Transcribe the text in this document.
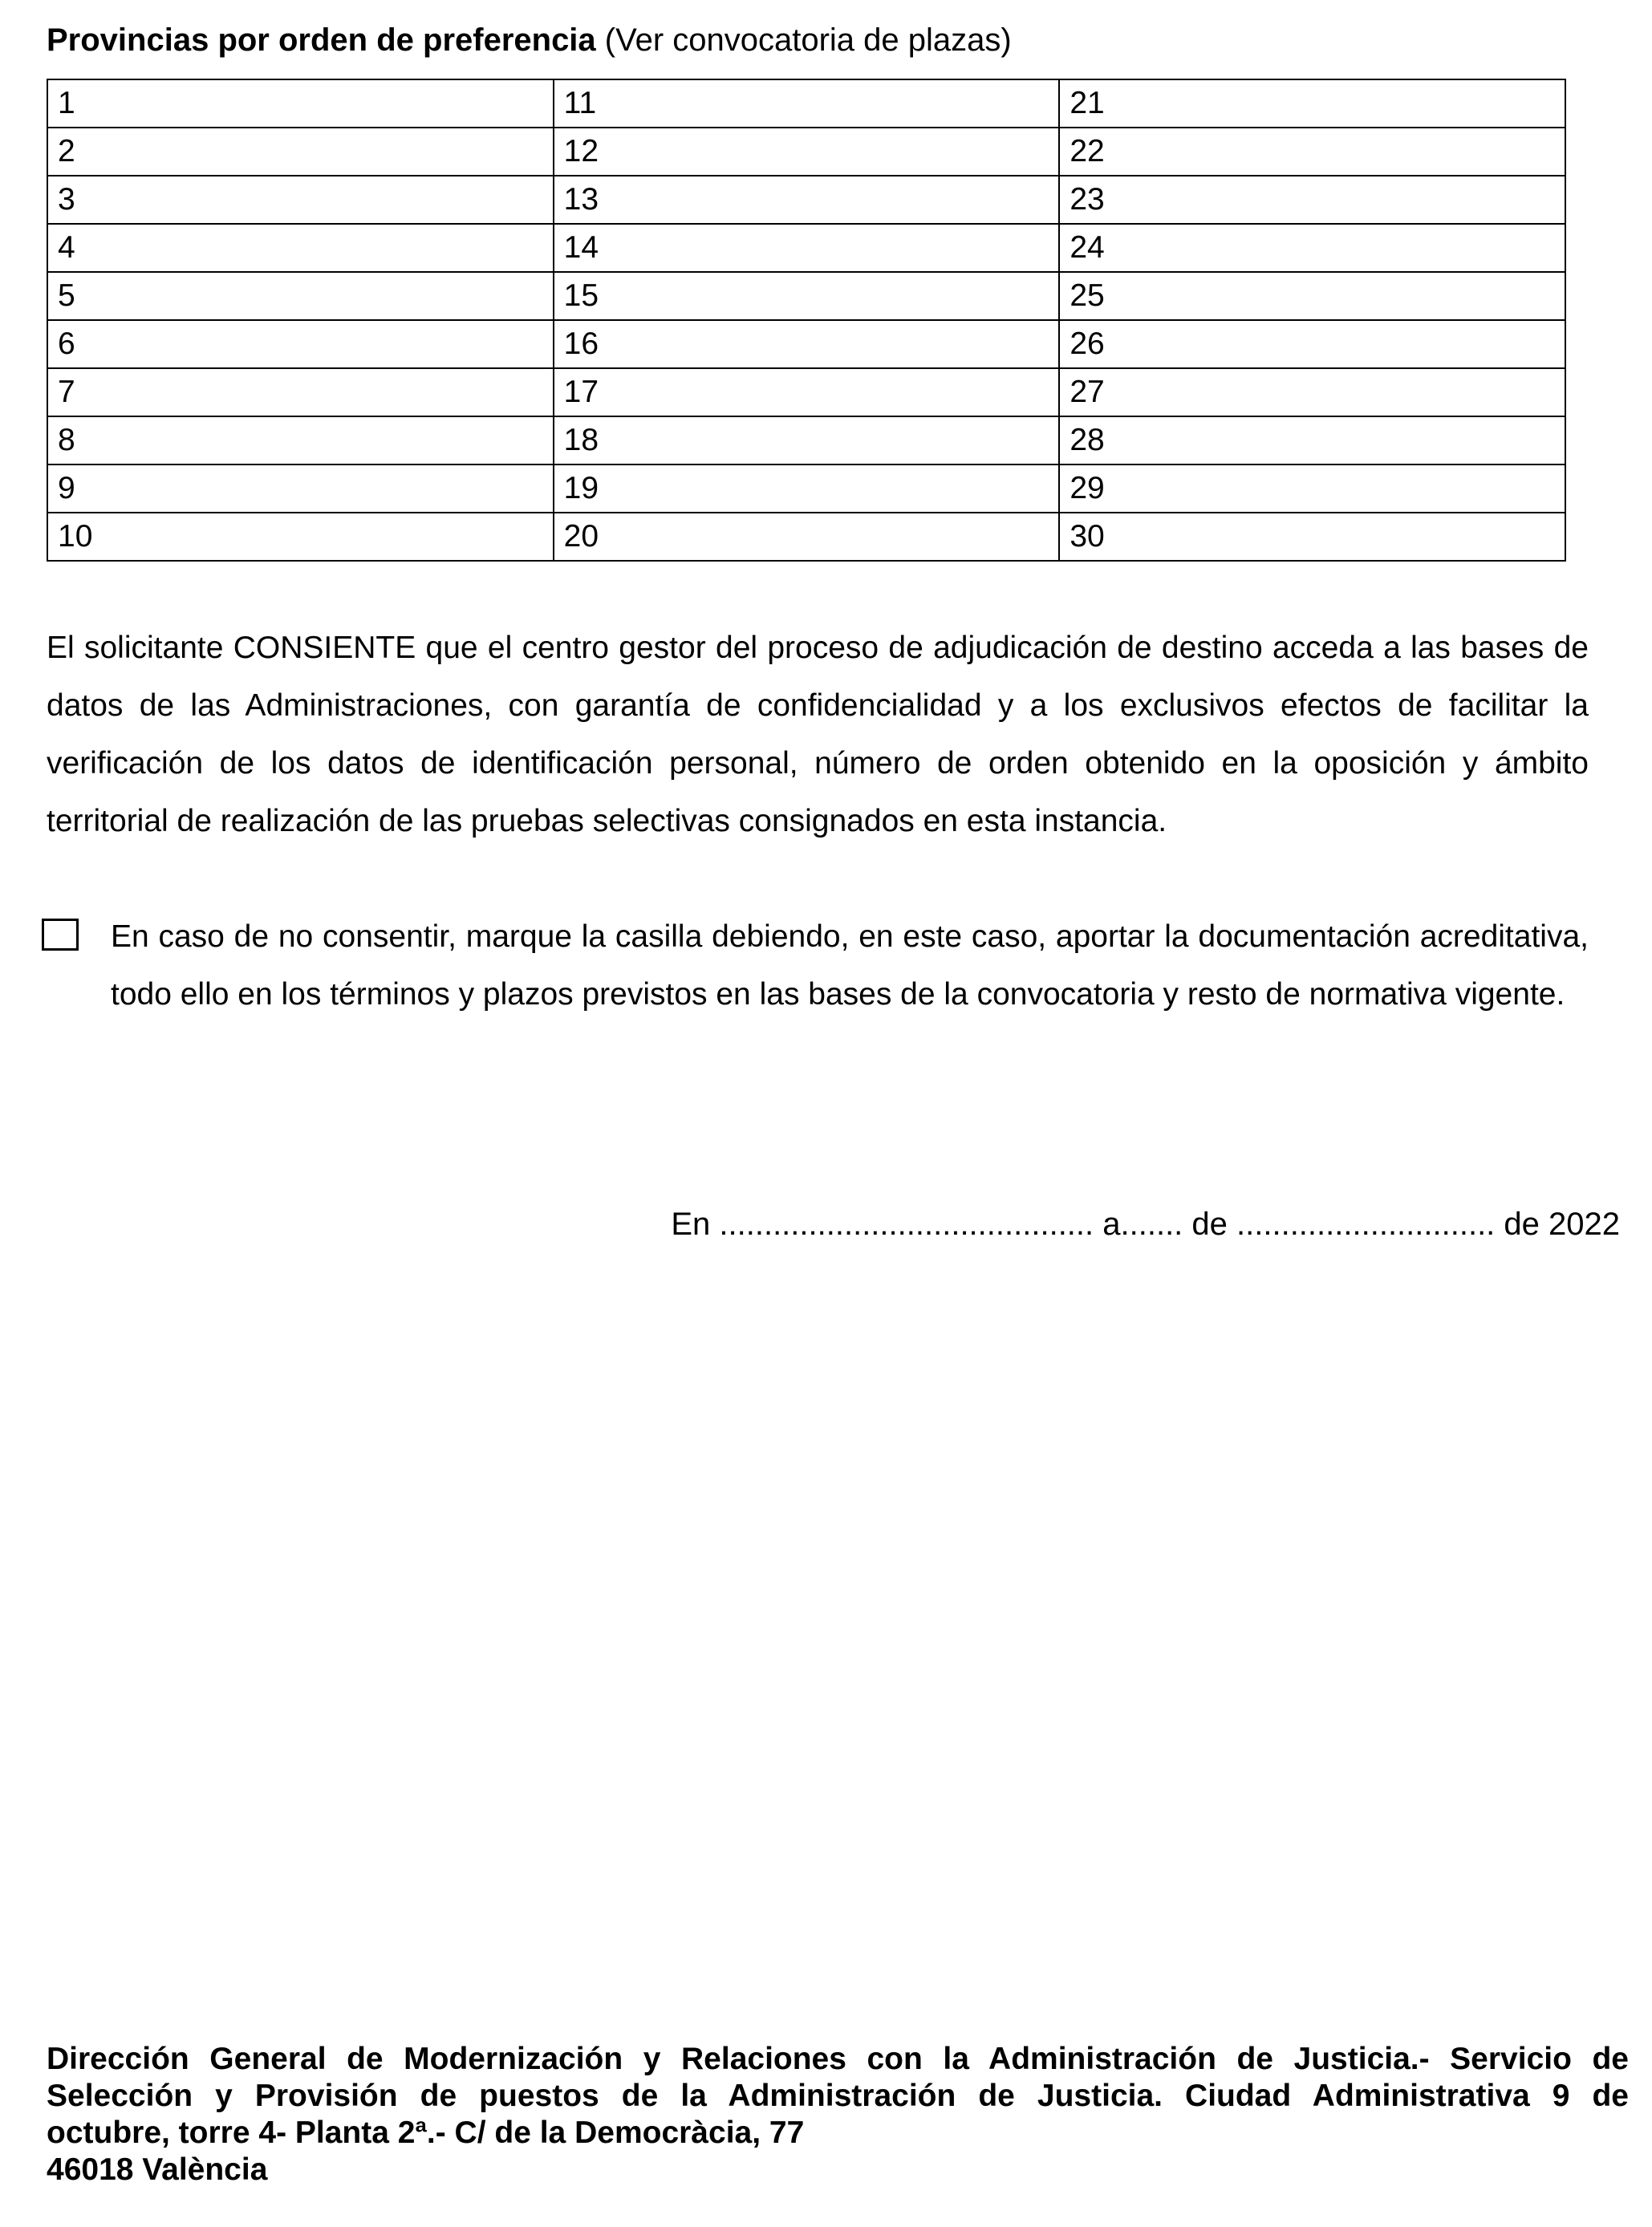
Provincias por orden de preferencia (Ver convocatoria de plazas)
1	11	21
2	12	22
3	13	23
4	14	24
5	15	25
6	16	26
7	17	27
8	18	28
9	19	29
10	20	30
El solicitante CONSIENTE que el centro gestor del proceso de adjudicación de destino acceda a las bases de datos de las Administraciones, con garantía de confidencialidad y a los exclusivos efectos de facilitar la verificación de los datos de identificación personal, número de orden obtenido en la oposición y ámbito territorial de realización de las pruebas selectivas consignados en esta instancia.
En caso de no consentir, marque la casilla debiendo, en este caso, aportar la documentación acreditativa, todo ello en los términos y plazos previstos en las bases de la convocatoria y resto de normativa vigente.
En .......................................... a....... de ............................. de 2022
Dirección General de Modernización y Relaciones con la Administración de Justicia.- Servicio de
Selección y Provisión de puestos de la Administración de Justicia. Ciudad Administrativa 9 de
octubre, torre 4- Planta 2ª.- C/ de la Democràcia, 77
46018 València
